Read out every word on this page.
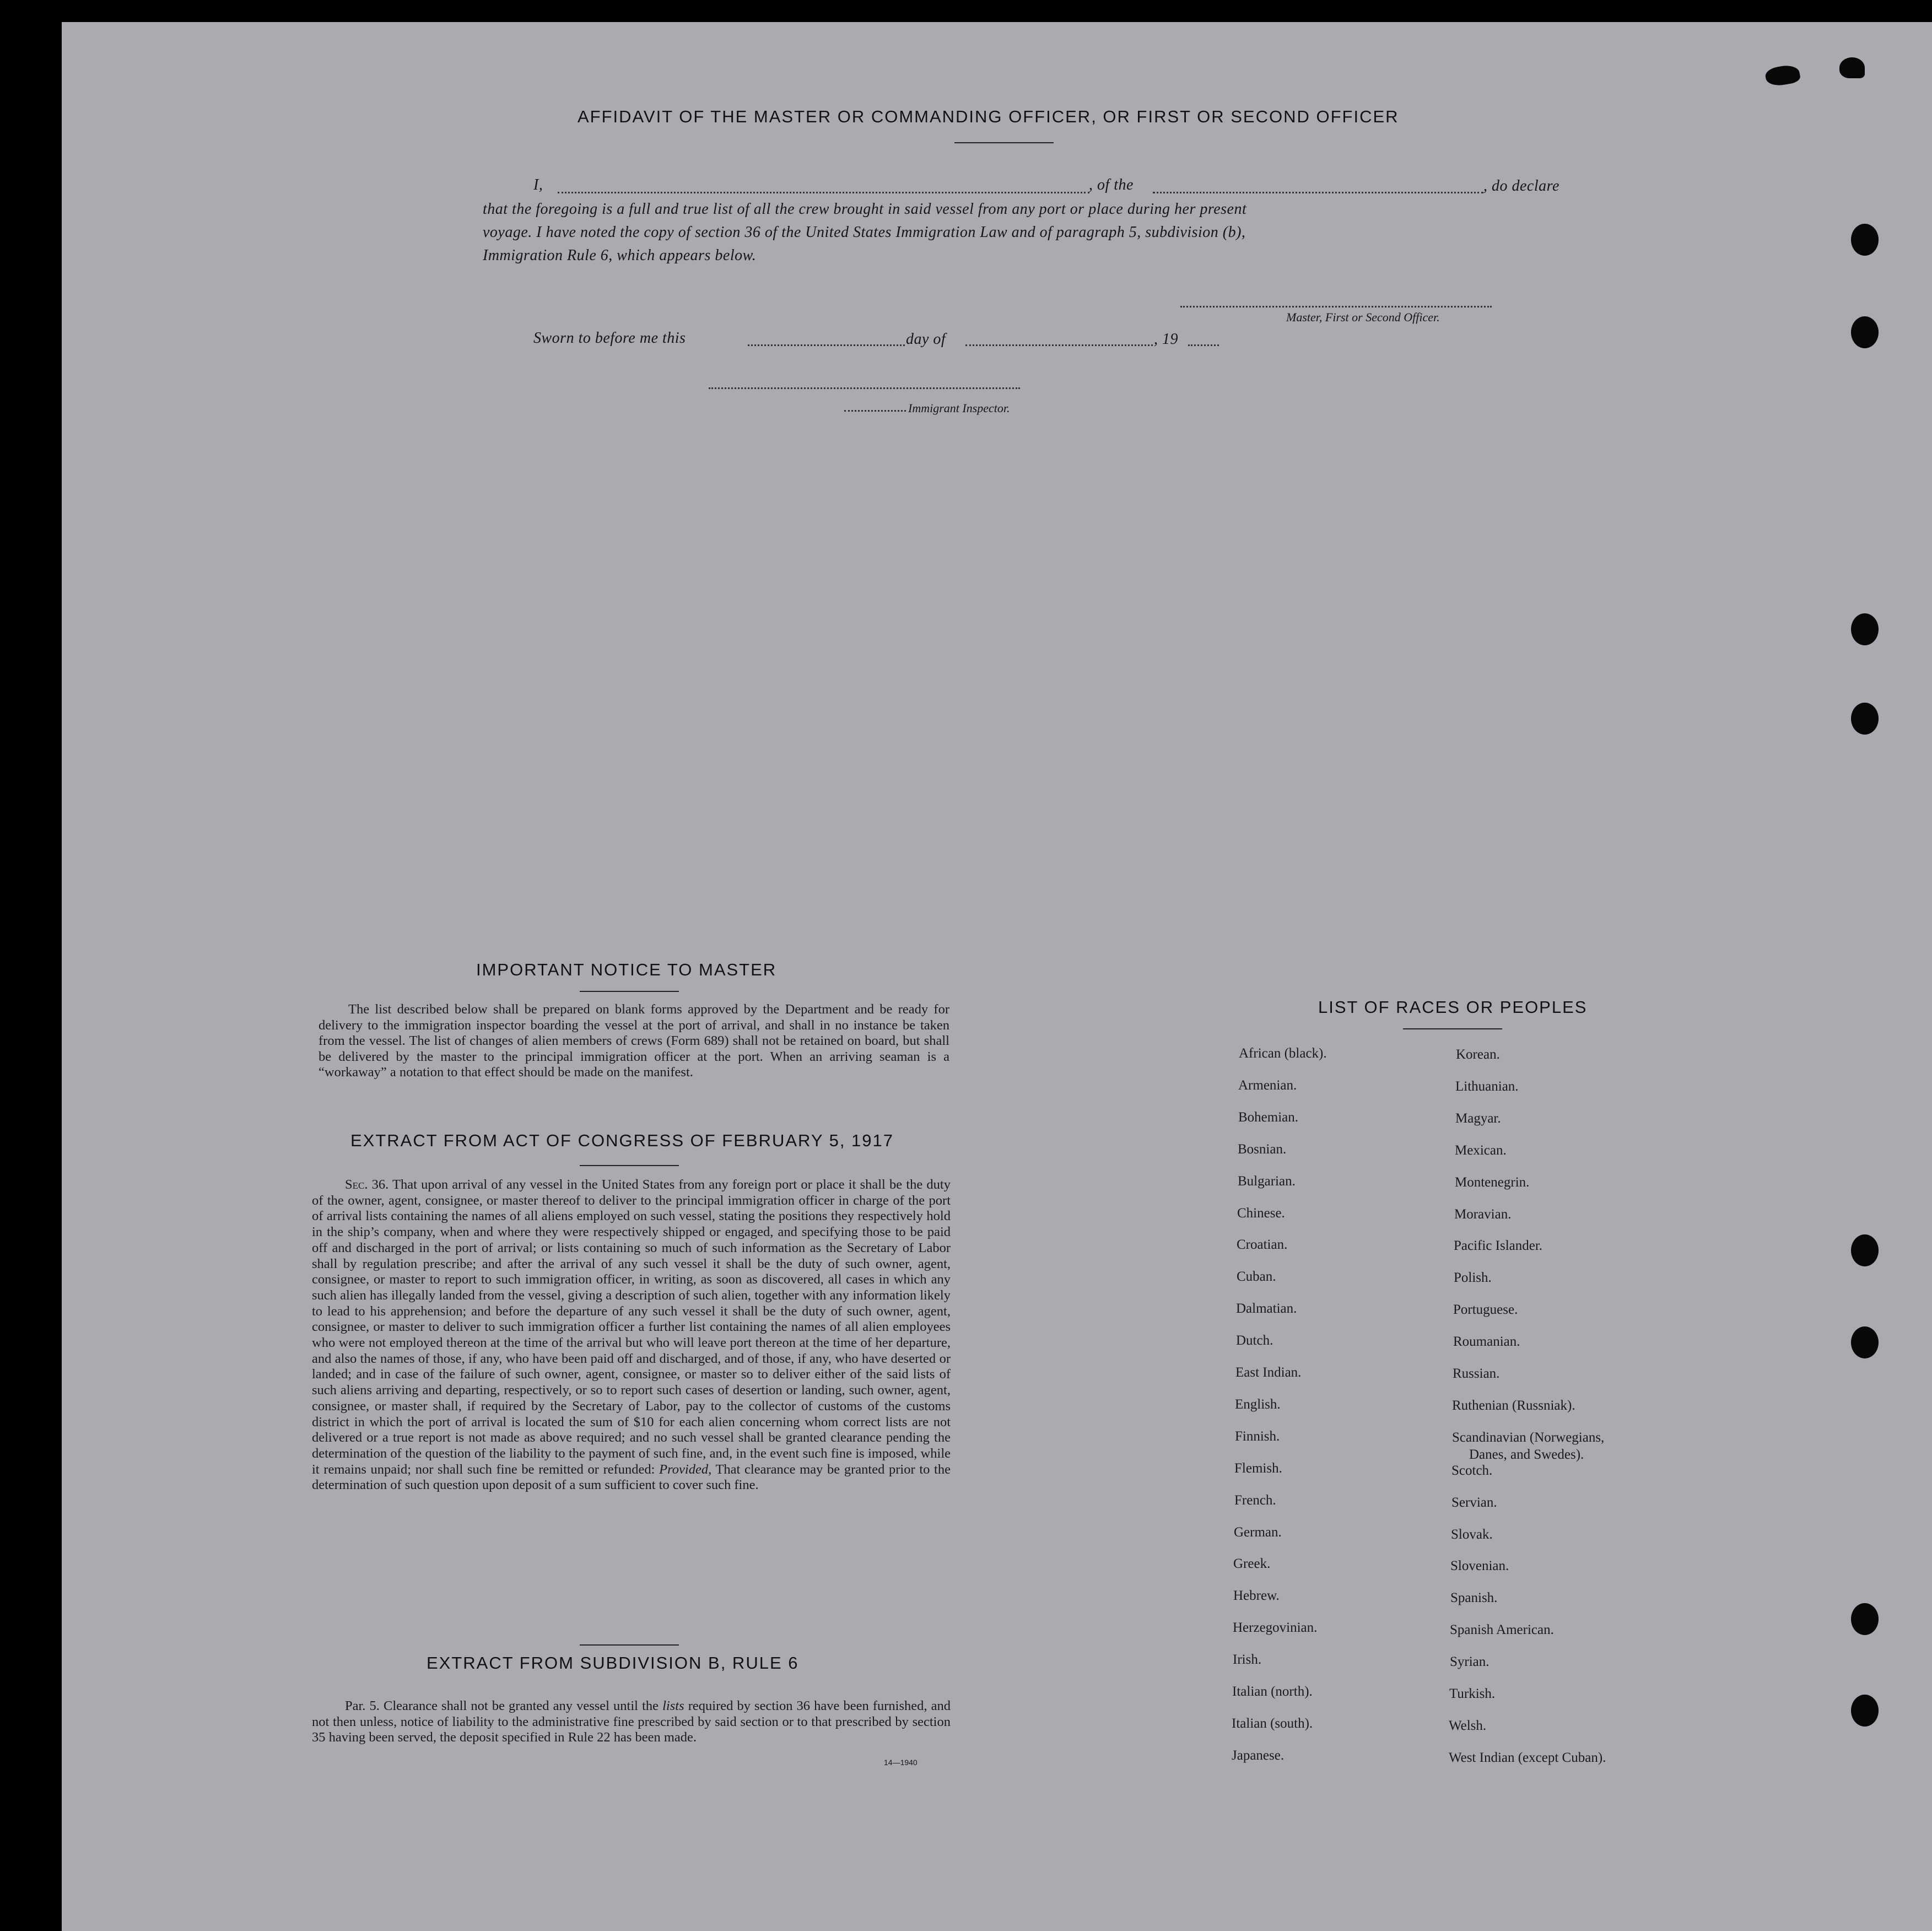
AFFIDAVIT OF THE MASTER OR COMMANDING OFFICER, OR FIRST OR SECOND OFFICER
I,	, of the	, do declare
that the foregoing is a full and true list of all the crew brought in said vessel from any port or place during her present
voyage. I have noted the copy of section 36 of the United States Immigration Law and of paragraph 5, subdivision (b),
Immigration Rule 6, which appears below.
Master, First or Second Officer.
Sworn to before me this	day of	, 19
Immigrant Inspector.
IMPORTANT NOTICE TO MASTER
The list described below shall be prepared on blank forms approved by the Department and be ready for delivery to the immigration inspector boarding the vessel at the port of arrival, and shall in no instance be taken from the vessel. The list of changes of alien members of crews (Form 689) shall not be retained on board, but shall be delivered by the master to the principal immigration officer at the port. When an arriving seaman is a “workaway” a notation to that effect should be made on the manifest.
EXTRACT FROM ACT OF CONGRESS OF FEBRUARY 5, 1917
Sec. 36. That upon arrival of any vessel in the United States from any foreign port or place it shall be the duty of the owner, agent, consignee, or master thereof to deliver to the principal immigration officer in charge of the port of arrival lists containing the names of all aliens employed on such vessel, stating the positions they respectively hold in the ship’s company, when and where they were respectively shipped or engaged, and specifying those to be paid off and discharged in the port of arrival; or lists containing so much of such information as the Secretary of Labor shall by regulation prescribe; and after the arrival of any such vessel it shall be the duty of such owner, agent, consignee, or master to report to such immigration officer, in writing, as soon as discovered, all cases in which any such alien has illegally landed from the vessel, giving a description of such alien, together with any information likely to lead to his apprehension; and before the departure of any such vessel it shall be the duty of such owner, agent, consignee, or master to deliver to such immigration officer a further list containing the names of all alien employees who were not employed thereon at the time of the arrival but who will leave port thereon at the time of her departure, and also the names of those, if any, who have been paid off and discharged, and of those, if any, who have deserted or landed; and in case of the failure of such owner, agent, consignee, or master so to deliver either of the said lists of such aliens arriving and departing, respectively, or so to report such cases of desertion or landing, such owner, agent, consignee, or master shall, if required by the Secretary of Labor, pay to the collector of customs of the customs district in which the port of arrival is located the sum of $10 for each alien concerning whom correct lists are not delivered or a true report is not made as above required; and no such vessel shall be granted clearance pending the determination of the question of the liability to the payment of such fine, and, in the event such fine is imposed, while it remains unpaid; nor shall such fine be remitted or refunded: Provided, That clearance may be granted prior to the determination of such question upon deposit of a sum sufficient to cover such fine.
EXTRACT FROM SUBDIVISION B, RULE 6
Par. 5. Clearance shall not be granted any vessel until the lists required by section 36 have been furnished, and not then unless, notice of liability to the administrative fine prescribed by said section or to that prescribed by section 35 having been served, the deposit specified in Rule 22 has been made.
14—1940
LIST OF RACES OR PEOPLES
Danes, and Swedes).
African (black).
Armenian.
Bohemian.
Bosnian.
Bulgarian.
Chinese.
Croatian.
Cuban.
Dalmatian.
Dutch.
East Indian.
English.
Finnish.
Flemish.
French.
German.
Greek.
Hebrew.
Herzegovinian.
Irish.
Italian (north).
Italian (south).
Japanese.
Korean.
Lithuanian.
Magyar.
Mexican.
Montenegrin.
Moravian.
Pacific Islander.
Polish.
Portuguese.
Roumanian.
Russian.
Ruthenian (Russniak).
Scandinavian (Norwegians,
Scotch.
Servian.
Slovak.
Slovenian.
Spanish.
Spanish American.
Syrian.
Turkish.
Welsh.
West Indian (except Cuban).
